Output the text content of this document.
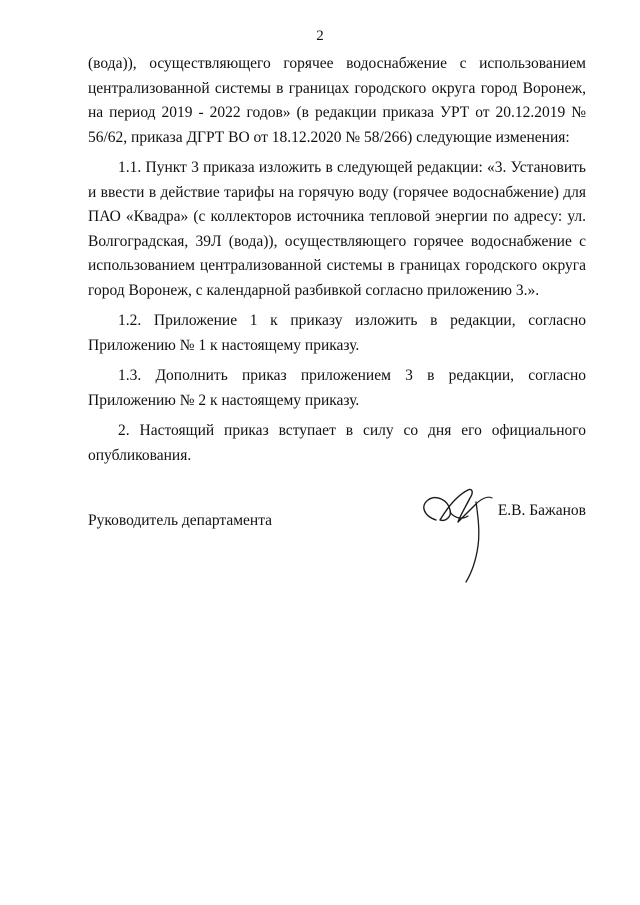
2

(вода)), осуществляющего горячее водоснабжение с использованием централизованной системы в границах городского округа город Воронеж, на период 2019 - 2022 годов» (в редакции приказа УРТ от 20.12.2019 № 56/62, приказа ДГРТ ВО от 18.12.2020 № 58/266) следующие изменения:

1.1. Пункт 3 приказа изложить в следующей редакции: «3. Установить и ввести в действие тарифы на горячую воду (горячее водоснабжение) для ПАО «Квадра» (с коллекторов источника тепловой энергии по адресу: ул. Волгоградская, 39Л (вода)), осуществляющего горячее водоснабжение с использованием централизованной системы в границах городского округа город Воронеж, с календарной разбивкой согласно приложению 3.».

1.2. Приложение 1 к приказу изложить в редакции, согласно Приложению № 1 к настоящему приказу.

1.3. Дополнить приказ приложением 3 в редакции, согласно Приложению № 2 к настоящему приказу.

2. Настоящий приказ вступает в силу со дня его официального опубликования.

Руководитель департамента
Е.В. Бажанов
